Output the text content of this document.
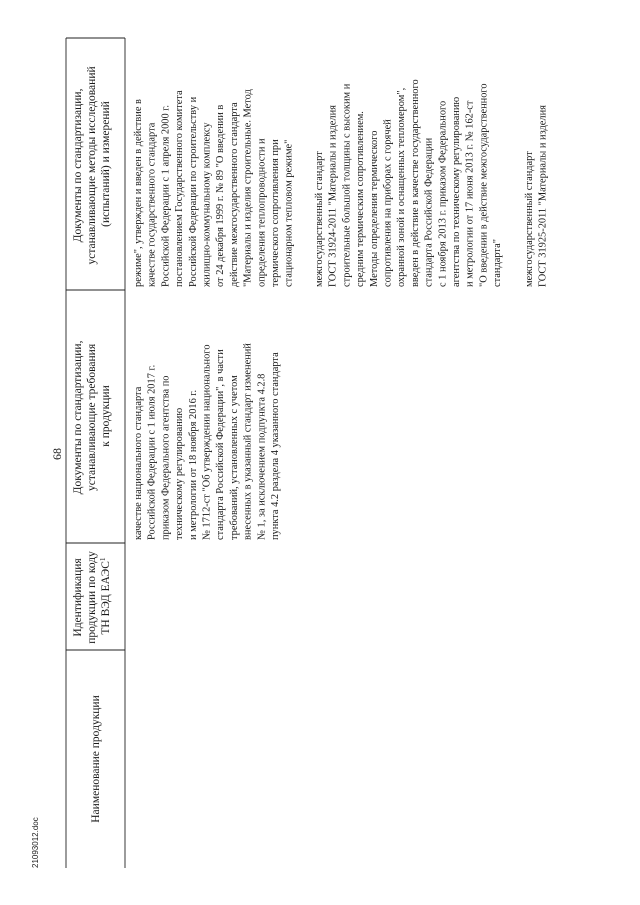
68
21093012.doc
Наименование продукции
Идентификация продукции по коду ТН ВЭД ЕАЭС$^1$
Документы по стандартизации, устанавливающие требования к продукции
Документы по стандартизации, устанавливающие методы исследований (испытаний) и измерений
качестве национального стандарта Российской Федерации с 1 июля 2017 г. приказом Федерального агентства по техническому регулированию и метрологии от 18 ноября 2016 г. № 1712-ст "Об утверждении национального стандарта Российской Федерации", в части требований, установленных с учетом внесенных в указанный стандарт изменений № 1, за исключением подпункта 4.2.8 пункта 4.2 раздела 4 указанного стандарта
режиме", утвержден и введен в действие в качестве государственного стандарта Российской Федерации с 1 апреля 2000 г. постановлением Государственного комитета Российской Федерации по строительству и жилищно-коммунальному комплексу от 24 декабря 1999 г. № 89 "О введении в действие межгосударственного стандарта "Материалы и изделия строительные. Метод определения теплопроводности и термического сопротивления при стационарном тепловом режиме" межгосударственный стандарт ГОСТ 31924-2011 "Материалы и изделия строительные большой толщины с высоким и средним термическим сопротивлением. Методы определения термического сопротивления на приборах с горячей охранной зоной и оснащенных тепломером", введен в действие в качестве государственного стандарта Российской Федерации с 1 ноября 2013 г. приказом Федерального агентства по техническому регулированию и метрологии от 17 июня 2013 г. № 162-ст "О введении в действие межгосударственного стандарта" межгосударственный стандарт ГОСТ 31925-2011 "Материалы и изделия
